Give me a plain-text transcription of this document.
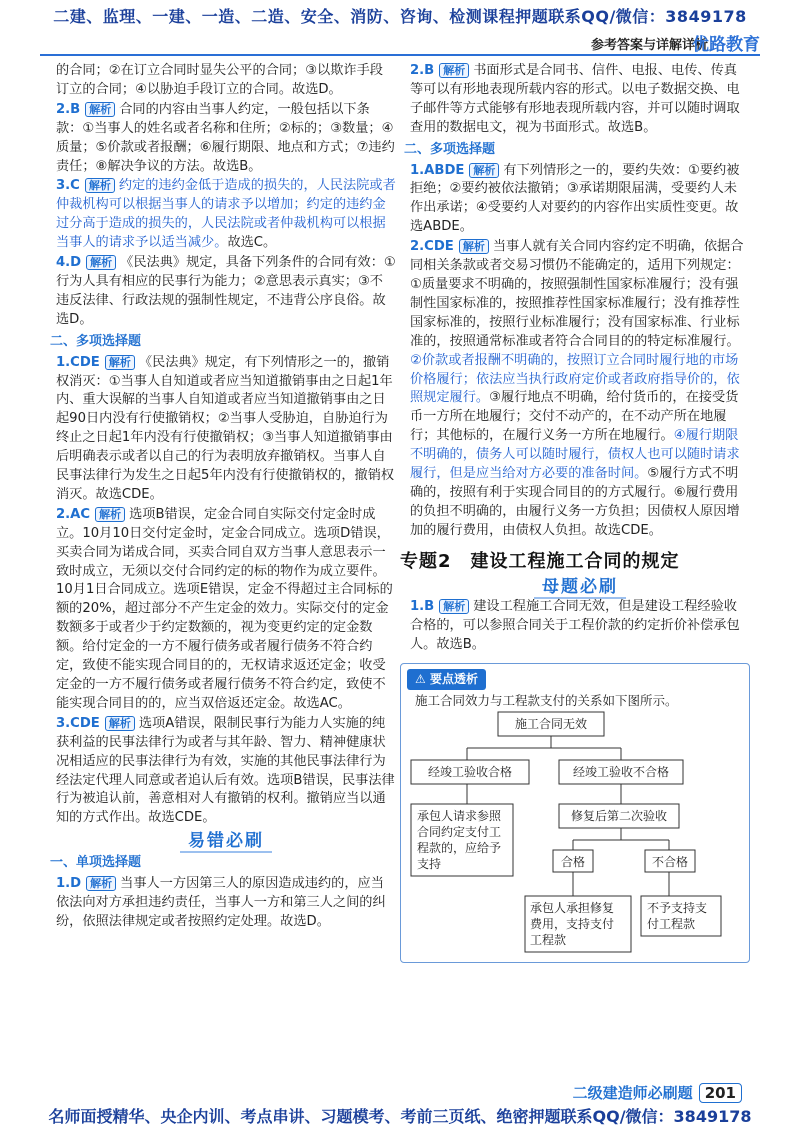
二建、监理、一建、一造、二造、安全、消防、咨询、检测课程押题联系QQ/微信：3849178
参考答案与详解详析
优路教育

的合同；②在订立合同时显失公平的合同；③以欺诈手段订立的合同；④以胁迫手段订立的合同。故选D。

2.B 解析 合同的内容由当事人约定，一般包括以下条款：①当事人的姓名或者名称和住所；②标的；③数量；④质量；⑤价款或者报酬；⑥履行期限、地点和方式；⑦违约责任；⑧解决争议的方法。故选B。

3.C 解析 约定的违约金低于造成的损失的，人民法院或者仲裁机构可以根据当事人的请求予以增加；约定的违约金过分高于造成的损失的，人民法院或者仲裁机构可以根据当事人的请求予以适当减少。故选C。

4.D 解析 《民法典》规定，具备下列条件的合同有效：①行为人具有相应的民事行为能力；②意思表示真实；③不违反法律、行政法规的强制性规定，不违背公序良俗。故选D。

二、多项选择题

1.CDE 解析 《民法典》规定，有下列情形之一的，撤销权消灭：①当事人自知道或者应当知道撤销事由之日起1年内、重大误解的当事人自知道或者应当知道撤销事由之日起90日内没有行使撤销权；②当事人受胁迫，自胁迫行为终止之日起1年内没有行使撤销权；③当事人知道撤销事由后明确表示或者以自己的行为表明放弃撤销权。当事人自民事法律行为发生之日起5年内没有行使撤销权的，撤销权消灭。故选CDE。

2.AC 解析 选项B错误，定金合同自实际交付定金时成立。10月10日交付定金时，定金合同成立。选项D错误，买卖合同为诺成合同，买卖合同自双方当事人意思表示一致时成立，无须以交付合同约定的标的物作为成立要件。10月1日合同成立。选项E错误，定金不得超过主合同标的额的20%，超过部分不产生定金的效力。实际交付的定金数额多于或者少于约定数额的，视为变更约定的定金数额。给付定金的一方不履行债务或者履行债务不符合约定，致使不能实现合同目的的，无权请求返还定金；收受定金的一方不履行债务或者履行债务不符合约定，致使不能实现合同目的的，应当双倍返还定金。故选AC。

3.CDE 解析 选项A错误，限制民事行为能力人实施的纯获利益的民事法律行为或者与其年龄、智力、精神健康状况相适应的民事法律行为有效，实施的其他民事法律行为经法定代理人同意或者追认后有效。选项B错误，民事法律行为被追认前，善意相对人有撤销的权利。撤销应当以通知的方式作出。故选CDE。

易错必刷
一、单项选择题

1.D 解析 当事人一方因第三人的原因造成违约的，应当依法向对方承担违约责任，当事人一方和第三人之间的纠纷，依照法律规定或者按照约定处理。故选D。

2.B 解析 书面形式是合同书、信件、电报、电传、传真等可以有形地表现所载内容的形式。以电子数据交换、电子邮件等方式能够有形地表现所载内容，并可以随时调取查用的数据电文，视为书面形式。故选B。

二、多项选择题

1.ABDE 解析 有下列情形之一的，要约失效：①要约被拒绝；②要约被依法撤销；③承诺期限届满，受要约人未作出承诺；④受要约人对要约的内容作出实质性变更。故选ABDE。

2.CDE 解析 当事人就有关合同内容约定不明确，依据合同相关条款或者交易习惯仍不能确定的，适用下列规定：①质量要求不明确的，按照强制性国家标准履行；没有强制性国家标准的，按照推荐性国家标准履行；没有推荐性国家标准的，按照行业标准履行；没有国家标准、行业标准的，按照通常标准或者符合合同目的的特定标准履行。②价款或者报酬不明确的，按照订立合同时履行地的市场价格履行；依法应当执行政府定价或者政府指导价的，依照规定履行。③履行地点不明确，给付货币的，在接受货币一方所在地履行；交付不动产的，在不动产所在地履行；其他标的，在履行义务一方所在地履行。④履行期限不明确的，债务人可以随时履行，债权人也可以随时请求履行，但是应当给对方必要的准备时间。⑤履行方式不明确的，按照有利于实现合同目的的方式履行。⑥履行费用的负担不明确的，由履行义务一方负担；因债权人原因增加的履行费用，由债权人负担。故选CDE。

专题2　建设工程施工合同的规定
母题必刷

1.B 解析 建设工程施工合同无效，但是建设工程经验收合格的，可以参照合同关于工程价款的约定折价补偿承包人。故选B。

⚠ 要点透析
施工合同效力与工程款支付的关系如下图所示。
施工合同无效
经竣工验收合格	经竣工验收不合格
承包人请求参照
合同约定支付工
程款的，应给予
支持
修复后第二次验收
合格	不合格
承包人承担修复
费用，支持支付
工程款
不予支持支
付工程款
二级建造师必刷题 201
名师面授精华、央企内训、考点串讲、习题模考、考前三页纸、绝密押题联系QQ/微信：3849178
